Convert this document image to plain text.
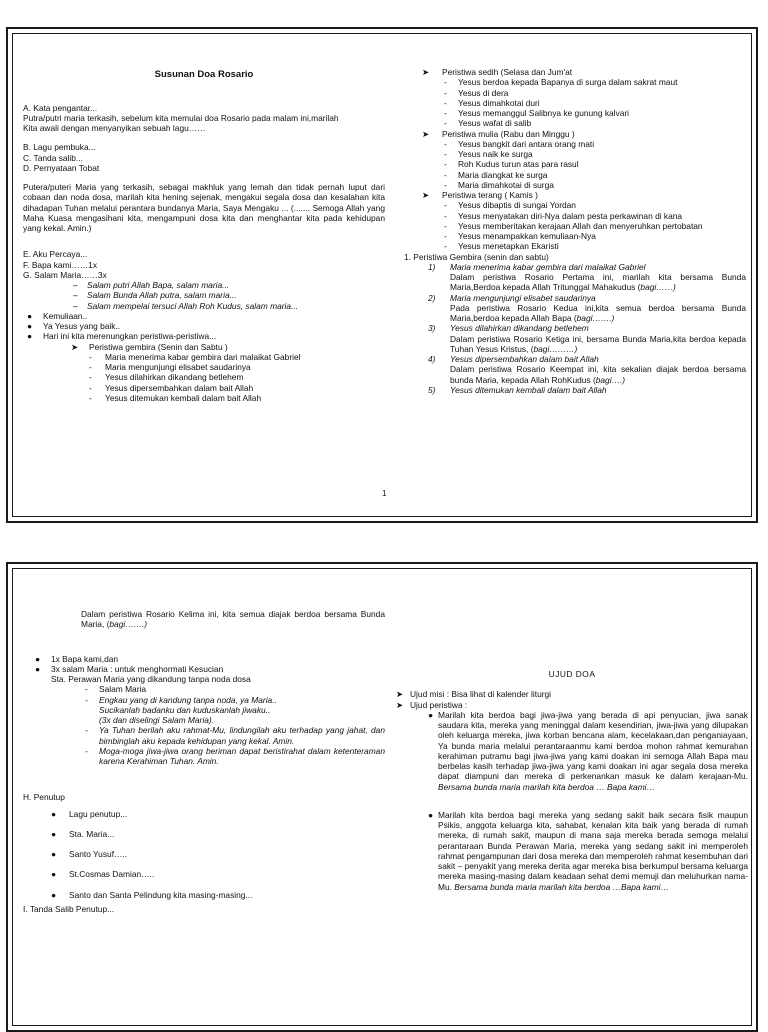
Susunan Doa Rosario

A. Kata pengantar...

Putra/putri maria terkasih, sebelum kita memulai doa Rosario pada malam ini,marilah

Kita awali dengan menyanyikan sebuah lagu……

B. Lagu pembuka...

C. Tanda salib...

D. Pernyataan Tobat

Putera/puteri Maria yang terkasih, sebagai makhluk yang lemah dan tidak pernah luput dari cobaan dan noda dosa, marilah kita hening sejenak, mengakui segala dosa dan kesalahan kita dihadapan Tuhan melalui perantara bundanya Maria, Saya Mengaku ... (....... Semoga Allah yang Maha Kuasa mengasihani kita, mengampuni dosa kita dan menghantar kita pada kehidupan yang kekal. Amin.)

E. Aku Percaya...

F. Bapa kami……1x

G. Salam Maria……3x

– Salam putri Allah Bapa, salam maria...
– Salam Bunda Allah putra, salam maria...
– Salam mempelai tersuci Allah Roh Kudus, salam maria...
● Kemuliaan..
● Ya Yesus yang baik..
● Hari ini kita merenungkan peristiwa-peristiwa...
➤ Peristiwa gembira (Senin dan Sabtu )
- Maria menerima kabar gembira dari malaikat Gabriel
- Maria mengunjungi elisabet saudarinya
- Yesus dilahirkan dikandang betlehem
- Yesus dipersembahkan dalam bait Allah
- Yesus ditemukan kembali dalam bait Allah
➤ Peristiwa sedih (Selasa dan Jum'at
- Yesus berdoa kepada Bapanya di surga dalam sakrat maut
- Yesus di dera
- Yesus dimahkotai duri
- Yesus memanggul Salibnya ke gunung kalvari
- Yesus wafat di salib
➤ Peristiwa mulia (Rabu dan Minggu )
- Yesus bangkit dari antara orang mati
- Yesus naik ke surga
- Roh Kudus turun atas para rasul
- Maria diangkat ke surga
- Maria dimahkotai di surga
➤ Peristiwa terang ( Kamis )
- Yesus dibaptis di sungai Yordan
- Yesus menyatakan diri-Nya dalam pesta perkawinan di kana
- Yesus memberitakan kerajaan Allah dan menyeruhkan pertobatan
- Yesus menampakkan kemuliaan-Nya
- Yesus menetapkan Ekaristi

1. Peristiwa Gembira (senin dan sabtu)

1) Maria menerima kabar gembira dari malaikat Gabriel
Dalam peristiwa Rosario Pertama ini, marilah kita bersama Bunda Maria,Berdoa kepada Allah Tritunggal Mahakudus (bagi……)
2) Maria mengunjungi elisabet saudarinya
Pada peristiwa Rosario Kedua ini,kita semua berdoa bersama Bunda Maria,berdoa kepada Allah Bapa (bagi…….)
3) Yesus dilahirkan dikandang betlehem
Dalam peristiwa Rosario Ketiga ini, bersama Bunda Maria,kita berdoa kepada Tuhan Yesus Kristus, (bagi………)
4) Yesus dipersembahkan dalam bait Allah
Dalam peristiwa Rosario Keempat ini, kita sekalian diajak berdoa bersama bunda Maria, kepada Allah RohKudus (bagi….)
5) Yesus ditemukan kembali dalam bait Allah
1

Dalam peristiwa Rosario Kelima ini, kita semua diajak berdoa bersama Bunda Maria, (bagi…….)

● 1x Bapa kami,dan
● 3x salam Maria : untuk menghormati Kesucian

Sta. Perawan Maria yang dikandung tanpa noda dosa

- Salam Maria
- Engkau yang di kandung tanpa noda, ya Maria..
Sucikanlah badanku dan kuduskanlah jiwaku..
(3x dan diselingi Salam Maria).
- Ya Tuhan berilah aku rahmat-Mu, lindungilah aku terhadap yang jahat, dan bimbinglah aku kepada kehidupan yang kekal. Amin.
- Moga-moga jiwa-jiwa orang beriman dapat beristirahat dalam ketenteraman karena Kerahiman Tuhan. Amin.

H. Penutup

● Lagu penutup...
● Sta. Maria...
● Santo Yusuf…..
● St.Cosmas Damian…..
● Santo dan Santa Pelindung kita masing-masing...

I. Tanda Salib Penutup...

UJUD DOA

➤ Ujud misi : Bisa lihat di kalender liturgi
➤ Ujud peristiwa :
● Marilah kita berdoa bagi jiwa-jiwa yang berada di api penyucian, jiwa sanak saudara kita, mereka yang meninggal dalam kesendirian, jiwa-jiwa yang dilupakan oleh keluarga mereka, jiwa korban bencana alam, kecelakaan,dan penganiayaan, Ya bunda maria melalui perantaraanmu kami berdoa mohon rahmat kemurahan kerahiman putramu bagi jiwa-jiwa yang kami doakan ini semoga Allah Bapa mau berbelas kasih terhadap jiwa-jiwa yang kami doakan ini agar segala dosa mereka dapat diampuni dan mereka di perkenankan masuk ke dalam kerajaan-Mu. Bersama bunda maria marilah kita berdoa … Bapa kami…
● Marilah kita berdoa bagi mereka yang sedang sakit baik secara fisik maupun Psikis, anggota keluarga kita, sahabat, kenalan kita baik yang berada di rumah mereka, di rumah sakit, maupun di mana saja mereka berada semoga melalui perantaraan Bunda Perawan Maria, mereka yang sedang sakit ini memperoleh rahmat pengampunan dari dosa mereka dan memperoleh rahmat kesembuhan dari sakit – penyakit yang mereka derita agar mereka bisa berkumpul bersama keluarga mereka masing-masing dalam keadaan sehat demi memuji dan meluhurkan nama-Mu. Bersama bunda maria marilah kita berdoa …Bapa kami…
